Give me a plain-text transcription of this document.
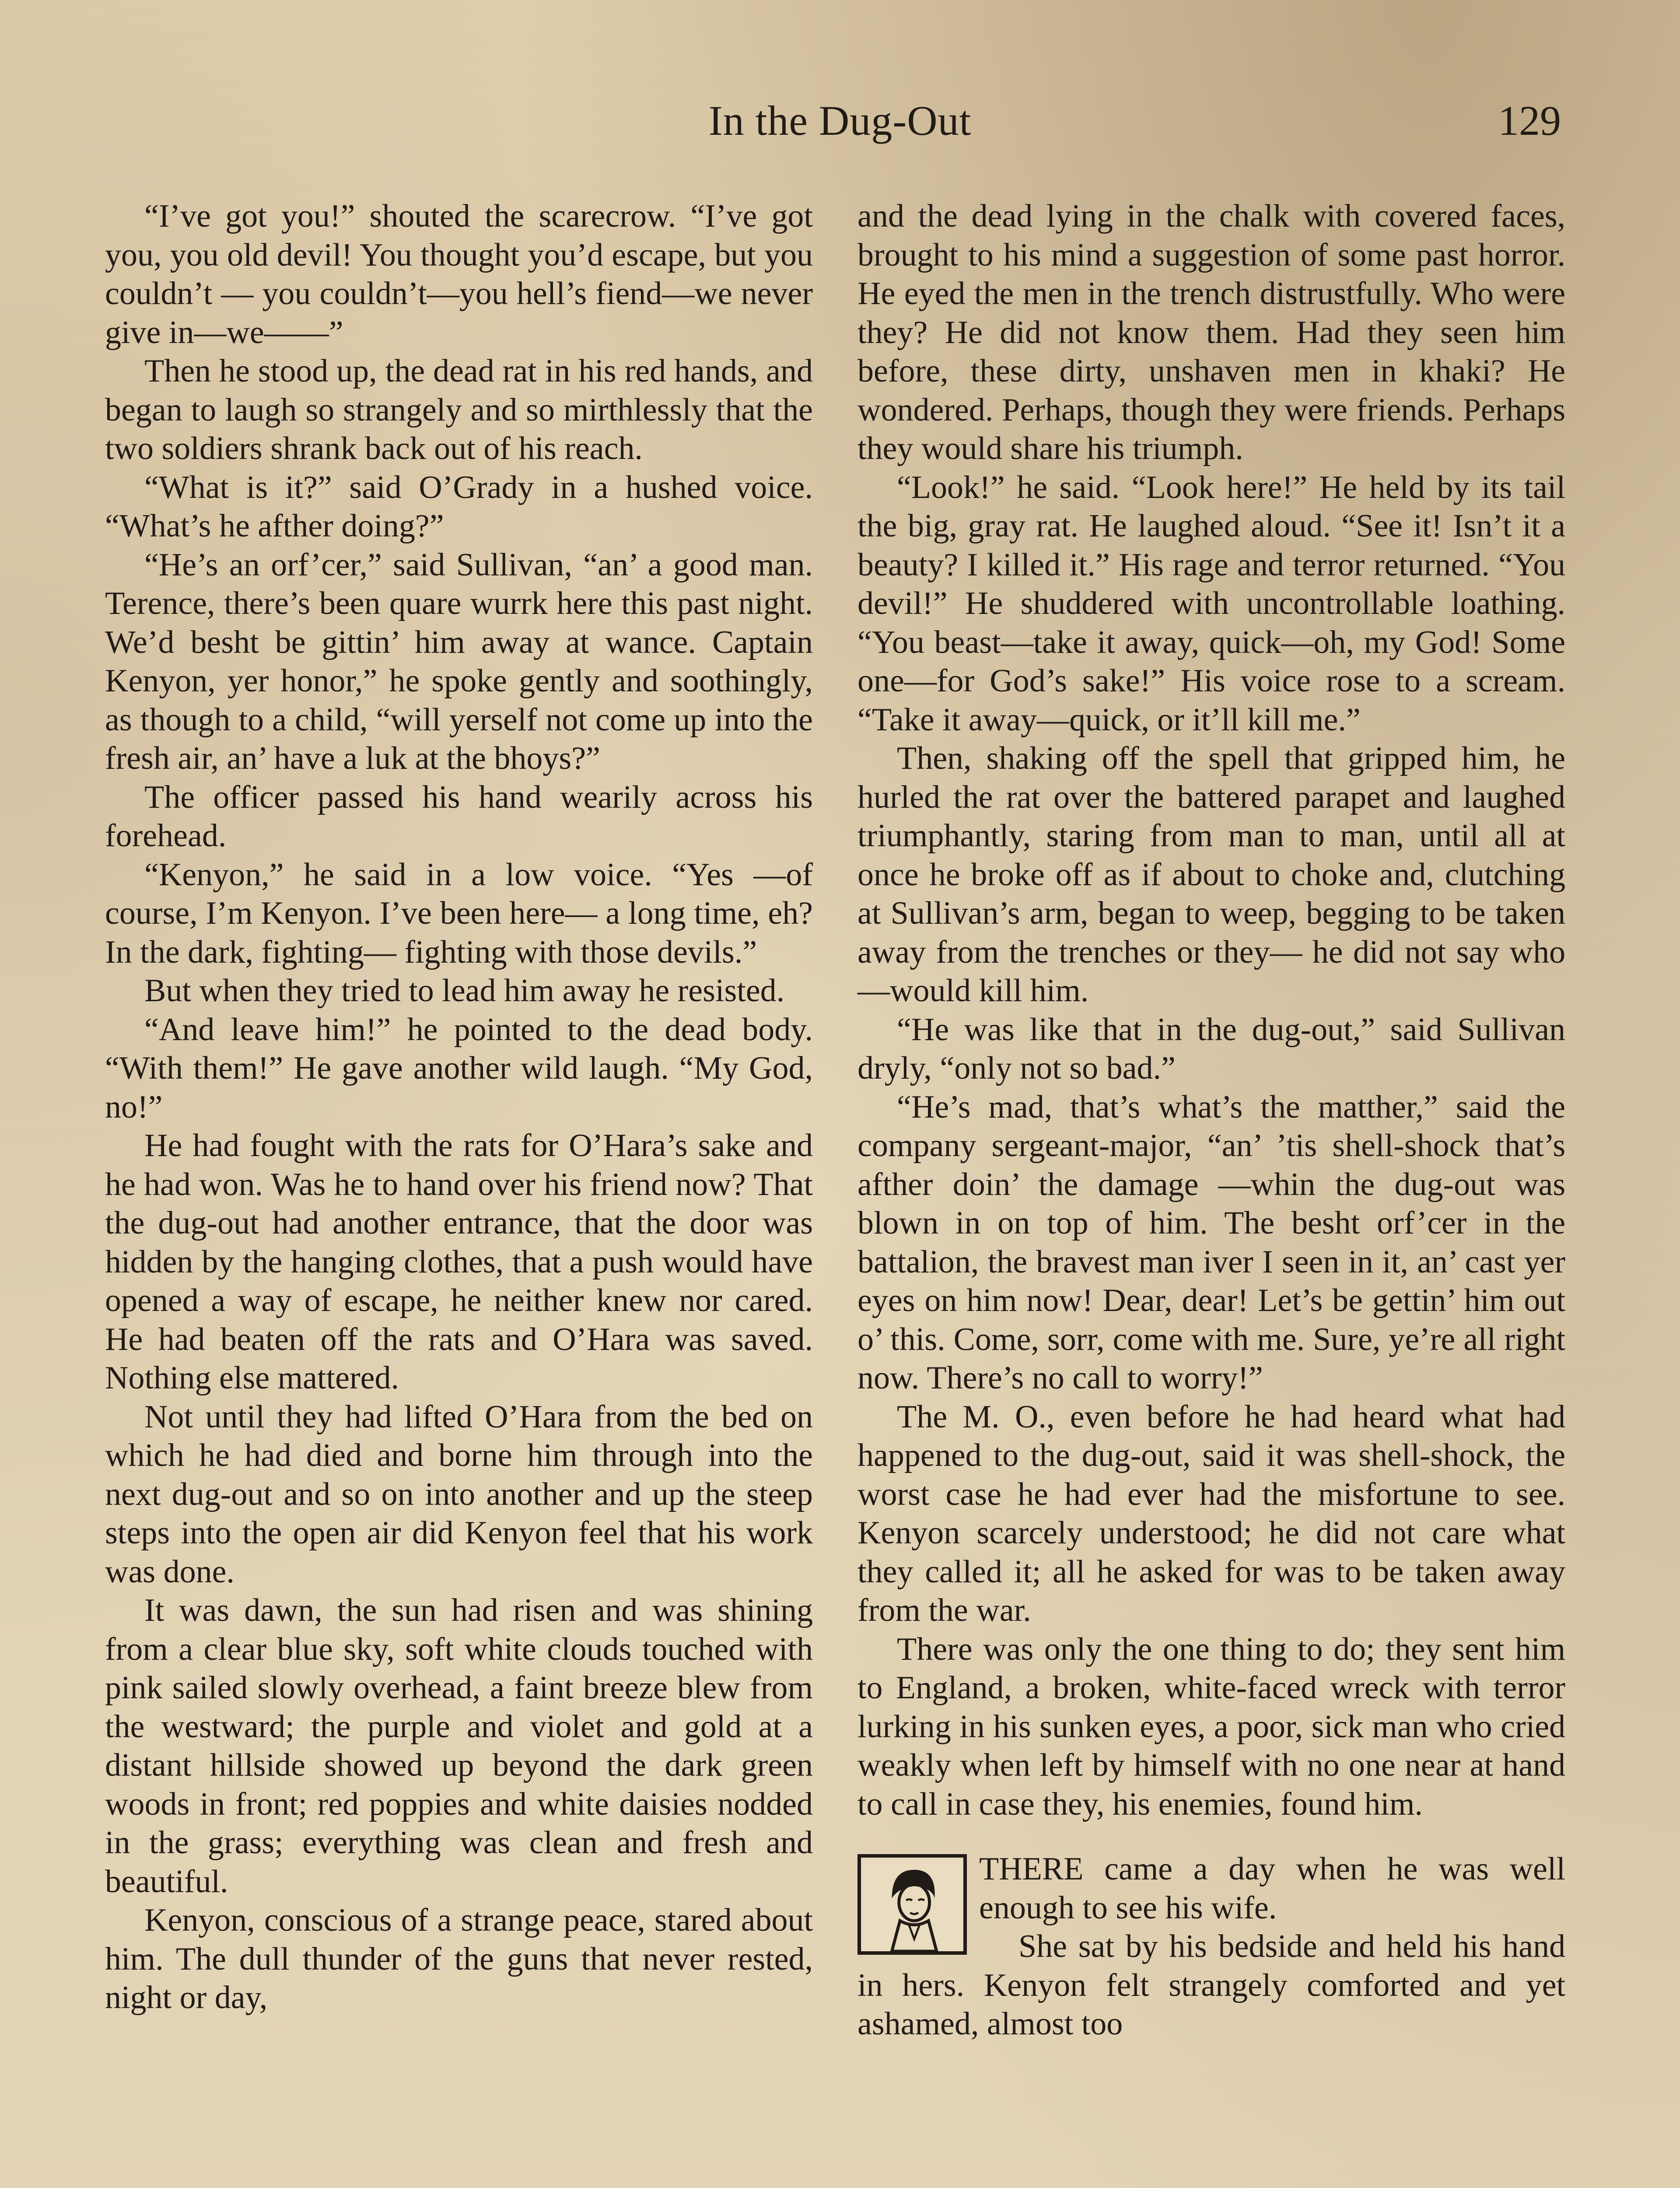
In the Dug-Out	129

“I’ve got you!” shouted the scarecrow. “I’ve got you, you old devil! You thought you’d escape, but you couldn’t — you couldn’t—you hell’s fiend—we never give in—we——”

Then he stood up, the dead rat in his red hands, and began to laugh so strangely and so mirthlessly that the two soldiers shrank back out of his reach.

“What is it?” said O’Grady in a hushed voice. “What’s he afther doing?”

“He’s an orf’cer,” said Sullivan, “an’ a good man. Terence, there’s been quare wurrk here this past night. We’d besht be gittin’ him away at wance. Captain Kenyon, yer honor,” he spoke gently and soothingly, as though to a child, “will yerself not come up into the fresh air, an’ have a luk at the bhoys?”

The officer passed his hand wearily across his forehead.

“Kenyon,” he said in a low voice. “Yes —of course, I’m Kenyon. I’ve been here— a long time, eh? In the dark, fighting— fighting with those devils.”

But when they tried to lead him away he resisted.

“And leave him!” he pointed to the dead body. “With them!” He gave another wild laugh. “My God, no!”

He had fought with the rats for O’Hara’s sake and he had won. Was he to hand over his friend now? That the dug-out had another entrance, that the door was hidden by the hanging clothes, that a push would have opened a way of escape, he neither knew nor cared. He had beaten off the rats and O’Hara was saved. Nothing else mattered.

Not until they had lifted O’Hara from the bed on which he had died and borne him through into the next dug-out and so on into another and up the steep steps into the open air did Kenyon feel that his work was done.

It was dawn, the sun had risen and was shining from a clear blue sky, soft white clouds touched with pink sailed slowly overhead, a faint breeze blew from the westward; the purple and violet and gold at a distant hillside showed up beyond the dark green woods in front; red poppies and white daisies nodded in the grass; everything was clean and fresh and beautiful.

Kenyon, conscious of a strange peace, stared about him. The dull thunder of the guns that never rested, night or day,

and the dead lying in the chalk with covered faces, brought to his mind a suggestion of some past horror. He eyed the men in the trench distrustfully. Who were they? He did not know them. Had they seen him before, these dirty, unshaven men in khaki? He wondered. Perhaps, though they were friends. Perhaps they would share his triumph.

“Look!” he said. “Look here!” He held by its tail the big, gray rat. He laughed aloud. “See it! Isn’t it a beauty? I killed it.” His rage and terror returned. “You devil!” He shuddered with uncontrollable loathing. “You beast—take it away, quick—oh, my God! Some one—for God’s sake!” His voice rose to a scream. “Take it away—quick, or it’ll kill me.”

Then, shaking off the spell that gripped him, he hurled the rat over the battered parapet and laughed triumphantly, staring from man to man, until all at once he broke off as if about to choke and, clutching at Sullivan’s arm, began to weep, begging to be taken away from the trenches or they— he did not say who—would kill him.

“He was like that in the dug-out,” said Sullivan dryly, “only not so bad.”

“He’s mad, that’s what’s the matther,” said the company sergeant-major, “an’ ’tis shell-shock that’s afther doin’ the damage —whin the dug-out was blown in on top of him. The besht orf’cer in the battalion, the bravest man iver I seen in it, an’ cast yer eyes on him now! Dear, dear! Let’s be gettin’ him out o’ this. Come, sorr, come with me. Sure, ye’re all right now. There’s no call to worry!”

The M. O., even before he had heard what had happened to the dug-out, said it was shell-shock, the worst case he had ever had the misfortune to see. Kenyon scarcely understood; he did not care what they called it; all he asked for was to be taken away from the war.

There was only the one thing to do; they sent him to England, a broken, white-faced wreck with terror lurking in his sunken eyes, a poor, sick man who cried weakly when left by himself with no one near at hand to call in case they, his enemies, found him.

THERE came a day when he was well enough to see his wife.

She sat by his bedside and held his hand in hers. Kenyon felt strangely comforted and yet ashamed, almost too
